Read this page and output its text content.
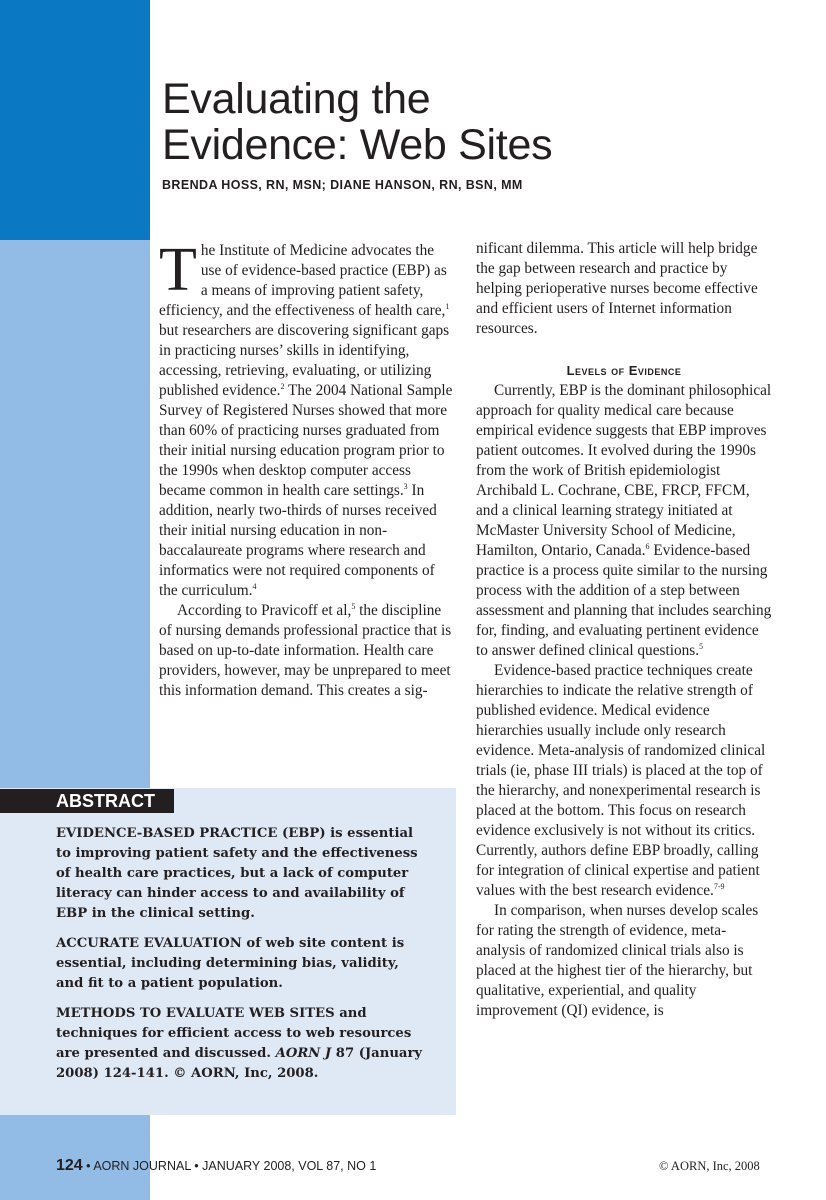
Evaluating the
Evidence: Web Sites
BRENDA HOSS, RN, MSN; DIANE HANSON, RN, BSN, MM

The Institute of Medicine advocates the use of evidence-based practice (EBP) as a means of improving patient safety, efficiency, and the effectiveness of health care,$^1$ but researchers are discovering significant gaps in practicing nurses’ skills in identifying, accessing, retrieving, evaluating, or utilizing published evidence.$^2$ The 2004 National Sample Survey of Registered Nurses showed that more than 60% of practicing nurses graduated from their initial nursing education program prior to the 1990s when desktop computer access became common in health care settings.$^3$ In addition, nearly two-thirds of nurses received their initial nursing education in non-baccalaureate programs where research and informatics were not required components of the curriculum.$^4$

According to Pravicoff et al,$^5$ the discipline of nursing demands professional practice that is based on up-to-date information. Health care providers, however, may be unprepared to meet this information demand. This creates a sig-

nificant dilemma. This article will help bridge the gap between research and practice by helping perioperative nurses become effective and efficient users of Internet information resources.

Levels of Evidence

Currently, EBP is the dominant philosophical approach for quality medical care because empirical evidence suggests that EBP improves patient outcomes. It evolved during the 1990s from the work of British epidemiologist Archibald L. Cochrane, CBE, FRCP, FFCM, and a clinical learning strategy initiated at McMaster University School of Medicine, Hamilton, Ontario, Canada.$^6$ Evidence-based practice is a process quite similar to the nursing process with the addition of a step between assessment and planning that includes searching for, finding, and evaluating pertinent evidence to answer defined clinical questions.$^5$

Evidence-based practice techniques create hierarchies to indicate the relative strength of published evidence. Medical evidence hierarchies usually include only research evidence. Meta-analysis of randomized clinical trials (ie, phase III trials) is placed at the top of the hierarchy, and nonexperimental research is placed at the bottom. This focus on research evidence exclusively is not without its critics. Currently, authors define EBP broadly, calling for integration of clinical expertise and patient values with the best research evidence.$^{7-9}$

In comparison, when nurses develop scales for rating the strength of evidence, meta-analysis of randomized clinical trials also is placed at the highest tier of the hierarchy, but qualitative, experiential, and quality improvement (QI) evidence, is

ABSTRACT

EVIDENCE-BASED PRACTICE (EBP) is essential to improving patient safety and the effectiveness of health care practices, but a lack of computer literacy can hinder access to and availability of EBP in the clinical setting.

ACCURATE EVALUATION of web site content is essential, including determining bias, validity, and fit to a patient population.

METHODS TO EVALUATE WEB SITES and techniques for efficient access to web resources are presented and discussed. AORN J 87 (January 2008) 124-141. © AORN, Inc, 2008.

124 • AORN JOURNAL • JANUARY 2008, VOL 87, NO 1	© AORN, Inc, 2008
